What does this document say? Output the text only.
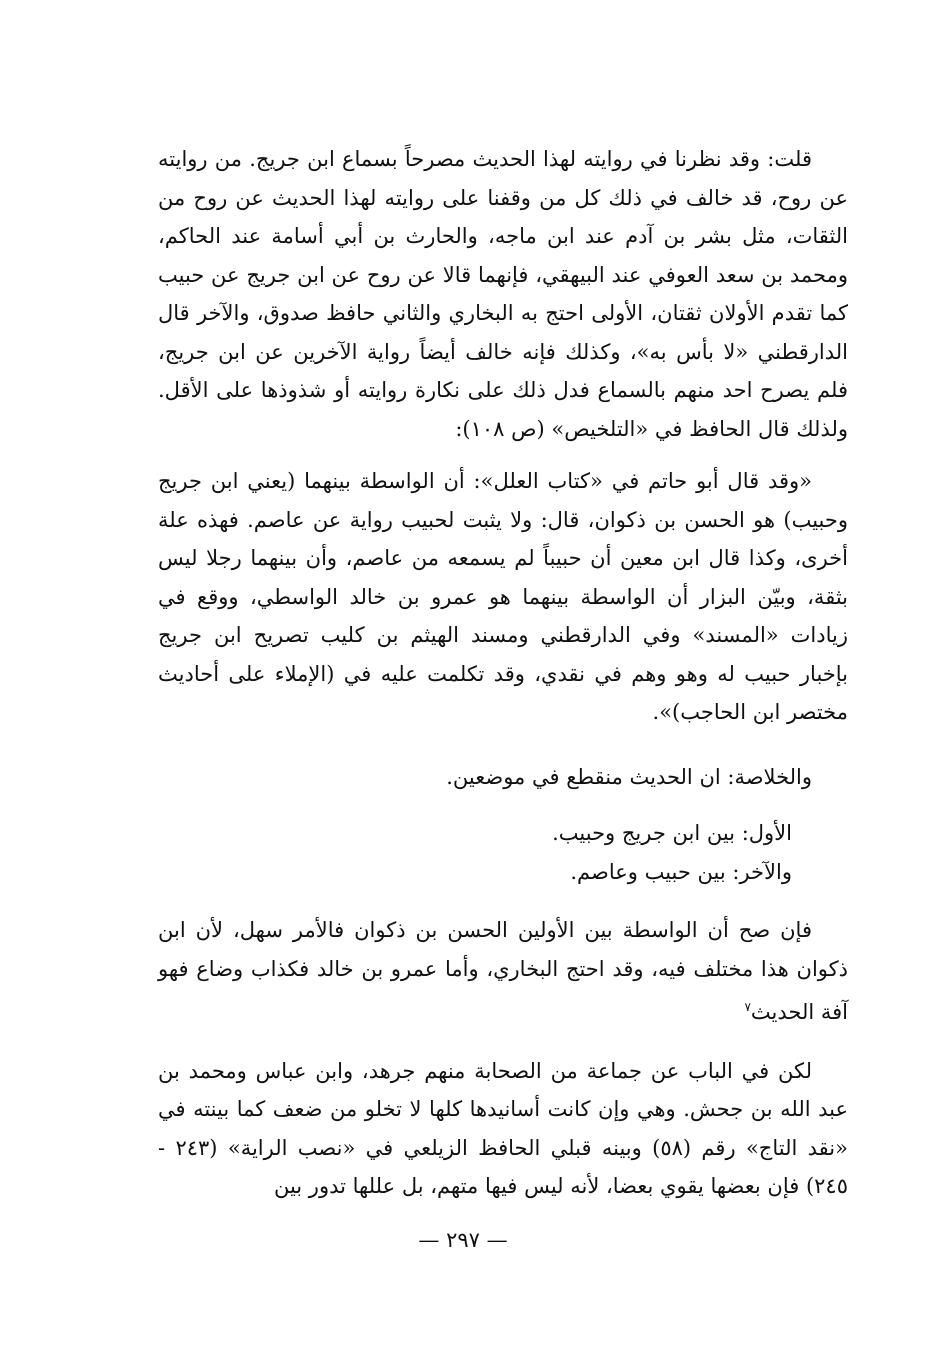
قلت: وقد نظرنا في روايته لهذا الحديث مصرحاً بسماع ابن جريج. من روايته عن روح، قد خالف في ذلك كل من وقفنا على روايته لهذا الحديث عن روح من الثقات، مثل بشر بن آدم عند ابن ماجه، والحارث بن أبي أسامة عند الحاكم، ومحمد بن سعد العوفي عند البيهقي، فإنهما قالا عن روح عن ابن جريج عن حبيب كما تقدم الأولان ثقتان، الأولى احتج به البخاري والثاني حافظ صدوق، والآخر قال الدارقطني «لا بأس به»، وكذلك فإنه خالف أيضاً رواية الآخرين عن ابن جريج، فلم يصرح احد منهم بالسماع فدل ذلك على نكارة روايته أو شذوذها على الأقل. ولذلك قال الحافظ في «التلخيص» (ص ١٠٨):

«وقد قال أبو حاتم في «كتاب العلل»: أن الواسطة بينهما (يعني ابن جريج وحبيب) هو الحسن بن ذكوان، قال: ولا يثبت لحبيب رواية عن عاصم. فهذه علة أخرى، وكذا قال ابن معين أن حبيباً لم يسمعه من عاصم، وأن بينهما رجلا ليس بثقة، وبيّن البزار أن الواسطة بينهما هو عمرو بن خالد الواسطي، ووقع في زيادات «المسند» وفي الدارقطني ومسند الهيثم بن كليب تصريح ابن جريج بإخبار حبيب له وهو وهم في نقدي، وقد تكلمت عليه في (الإملاء على أحاديث مختصر ابن الحاجب)».

والخلاصة: ان الحديث منقطع في موضعين.

الأول: بين ابن جريج وحبيب.
والآخر: بين حبيب وعاصم.

فإن صح أن الواسطة بين الأولين الحسن بن ذكوان فالأمر سهل، لأن ابن ذكوان هذا مختلف فيه، وقد احتج البخاري، وأما عمرو بن خالد فكذاب وضاع فهو آفة الحديث$^٧$

لكن في الباب عن جماعة من الصحابة منهم جرهد، وابن عباس ومحمد بن عبد الله بن جحش. وهي وإن كانت أسانيدها كلها لا تخلو من ضعف كما بينته في «نقد التاج» رقم (٥٨) وبينه قبلي الحافظ الزيلعي في «نصب الراية» (٢٤٣ - ٢٤٥) فإن بعضها يقوي بعضا، لأنه ليس فيها متهم، بل عللها تدور بين

— ٢٩٧ —
